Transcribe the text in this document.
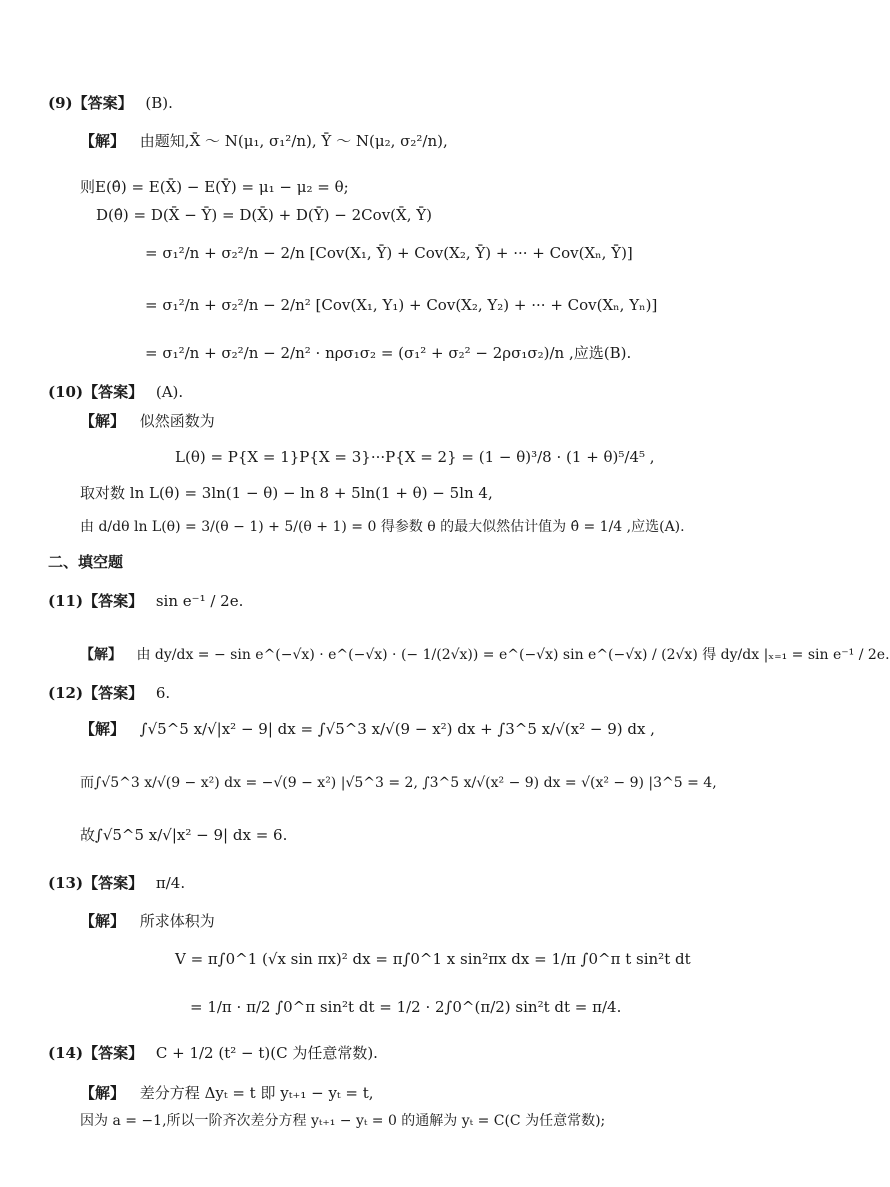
(9)【答案】 (B).
【解】 由题知,X̄ ～ N(μ₁, σ₁²/n), Ȳ ～ N(μ₂, σ₂²/n),
则E(θ̂) = E(X̄) − E(Ȳ) = μ₁ − μ₂ = θ;
D(θ̂) = D(X̄ − Ȳ) = D(X̄) + D(Ȳ) − 2Cov(X̄, Ȳ)
= σ₁²/n + σ₂²/n − 2/n [Cov(X₁, Ȳ) + Cov(X₂, Ȳ) + ··· + Cov(Xₙ, Ȳ)]
= σ₁²/n + σ₂²/n − 2/n² [Cov(X₁, Y₁) + Cov(X₂, Y₂) + ··· + Cov(Xₙ, Yₙ)]
= σ₁²/n + σ₂²/n − 2/n² · nρσ₁σ₂ = (σ₁² + σ₂² − 2ρσ₁σ₂)/n ,应选(B).
(10)【答案】 (A).
【解】 似然函数为
L(θ) = P{X = 1}P{X = 3}···P{X = 2} = (1 − θ)³/8 · (1 + θ)⁵/4⁵ ,
取对数 ln L(θ) = 3ln(1 − θ) − ln 8 + 5ln(1 + θ) − 5ln 4,
由 d/dθ ln L(θ) = 3/(θ − 1) + 5/(θ + 1) = 0 得参数 θ 的最大似然估计值为 θ̂ = 1/4 ,应选(A).
二、填空题
(11)【答案】 sin e⁻¹ / 2e.
【解】 由 dy/dx = − sin e^(−√x) · e^(−√x) · (− 1/(2√x)) = e^(−√x) sin e^(−√x) / (2√x) 得 dy/dx |ₓ₌₁ = sin e⁻¹ / 2e.
(12)【答案】 6.
【解】 ∫√5^5 x/√|x² − 9| dx = ∫√5^3 x/√(9 − x²) dx + ∫3^5 x/√(x² − 9) dx ,
而∫√5^3 x/√(9 − x²) dx = −√(9 − x²) |√5^3 = 2, ∫3^5 x/√(x² − 9) dx = √(x² − 9) |3^5 = 4,
故∫√5^5 x/√|x² − 9| dx = 6.
(13)【答案】 π/4.
【解】 所求体积为
V = π∫0^1 (√x sin πx)² dx = π∫0^1 x sin²πx dx = 1/π ∫0^π t sin²t dt
= 1/π · π/2 ∫0^π sin²t dt = 1/2 · 2∫0^(π/2) sin²t dt = π/4.
(14)【答案】 C + 1/2 (t² − t)(C 为任意常数).
【解】 差分方程 Δyₜ = t 即 yₜ₊₁ − yₜ = t,
因为 a = −1,所以一阶齐次差分方程 yₜ₊₁ − yₜ = 0 的通解为 yₜ = C(C 为任意常数);
